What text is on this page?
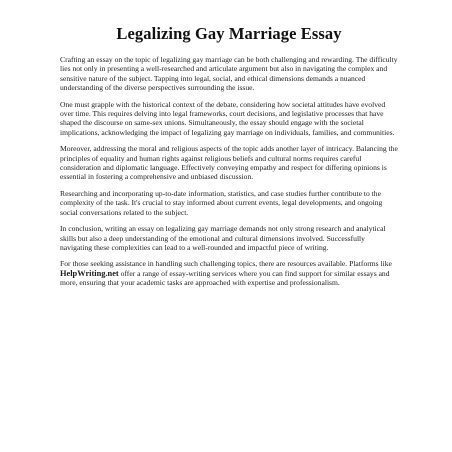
Legalizing Gay Marriage Essay

Crafting an essay on the topic of legalizing gay marriage can be both challenging and rewarding. The difficulty lies not only in presenting a well-researched and articulate argument but also in navigating the complex and sensitive nature of the subject. Tapping into legal, social, and ethical dimensions demands a nuanced understanding of the diverse perspectives surrounding the issue.

One must grapple with the historical context of the debate, considering how societal attitudes have evolved over time. This requires delving into legal frameworks, court decisions, and legislative processes that have shaped the discourse on same-sex unions. Simultaneously, the essay should engage with the societal implications, acknowledging the impact of legalizing gay marriage on individuals, families, and communities.

Moreover, addressing the moral and religious aspects of the topic adds another layer of intricacy. Balancing the principles of equality and human rights against religious beliefs and cultural norms requires careful consideration and diplomatic language. Effectively conveying empathy and respect for differing opinions is essential in fostering a comprehensive and unbiased discussion.

Researching and incorporating up-to-date information, statistics, and case studies further contribute to the complexity of the task. It's crucial to stay informed about current events, legal developments, and ongoing social conversations related to the subject.

In conclusion, writing an essay on legalizing gay marriage demands not only strong research and analytical skills but also a deep understanding of the emotional and cultural dimensions involved. Successfully navigating these complexities can lead to a well-rounded and impactful piece of writing.

For those seeking assistance in handling such challenging topics, there are resources available. Platforms like HelpWriting.net offer a range of essay-writing services where you can find support for similar essays and more, ensuring that your academic tasks are approached with expertise and professionalism.
